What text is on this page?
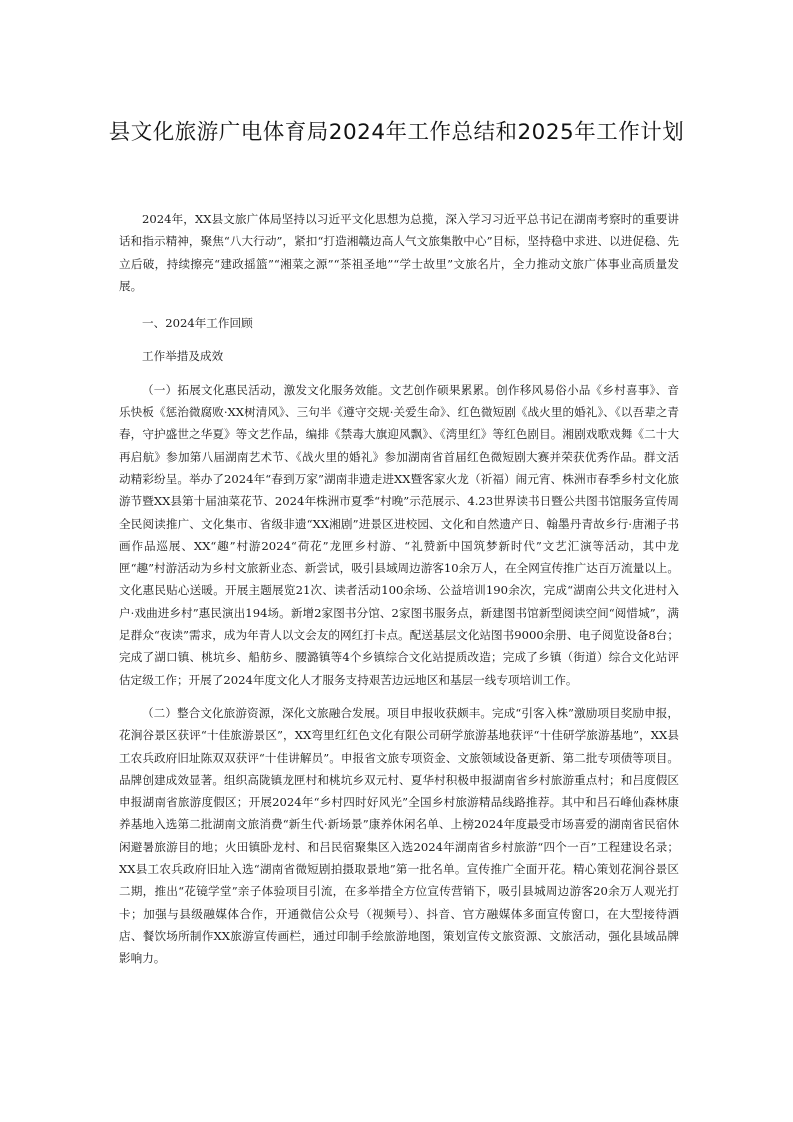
县文化旅游广电体育局2024年工作总结和2025年工作计划

2024年，XX县文旅广体局坚持以习近平文化思想为总揽，深入学习习近平总书记在湖南考察时的重要讲话和指示精神，聚焦“八大行动”，紧扣“打造湘赣边高人气文旅集散中心”目标，坚持稳中求进、以进促稳、先立后破，持续擦亮“建政摇篮”“湘菜之源”“茶祖圣地”“学士故里”文旅名片，全力推动文旅广体事业高质量发展。

一、2024年工作回顾

工作举措及成效

（一）拓展文化惠民活动，激发文化服务效能。文艺创作硕果累累。创作移风易俗小品《乡村喜事》、音乐快板《惩治微腐败·XX树清风》、三句半《遵守交规·关爱生命》、红色微短剧《战火里的婚礼》、《以吾辈之青春，守护盛世之华夏》等文艺作品，编排《禁毒大旗迎风飘》、《湾里红》等红色剧目。湘剧戏歌戏舞《二十大再启航》参加第八届湖南艺术节、《战火里的婚礼》参加湖南省首届红色微短剧大赛并荣获优秀作品。群文活动精彩纷呈。举办了2024年“春到万家”湖南非遗走进XX暨客家火龙（祈福）闹元宵、株洲市春季乡村文化旅游节暨XX县第十届油菜花节、2024年株洲市夏季“村晚”示范展示、4.23世界读书日暨公共图书馆服务宣传周全民阅读推广、文化集市、省级非遗“XX湘剧”进景区进校园、文化和自然遗产日、翰墨丹青故乡行·唐湘子书画作品巡展、XX“趣”村游2024“荷花”龙匣乡村游、“礼赞新中国筑梦新时代”文艺汇演等活动，其中龙匣“趣”村游活动为乡村文旅新业态、新尝试，吸引县域周边游客10余万人，在全网宣传推广达百万流量以上。文化惠民贴心送暖。开展主题展览21次、读者活动100余场、公益培训190余次，完成“湖南公共文化进村入户·戏曲进乡村”惠民演出194场。新增2家图书分馆、2家图书服务点，新建图书馆新型阅读空间“阅惜城”，满足群众“夜读”需求，成为年青人以文会友的网红打卡点。配送基层文化站图书9000余册、电子阅览设备8台；完成了湖口镇、桃坑乡、船舫乡、腰潞镇等4个乡镇综合文化站提质改造；完成了乡镇（街道）综合文化站评估定级工作；开展了2024年度文化人才服务支持艰苦边远地区和基层一线专项培训工作。

（二）整合文化旅游资源，深化文旅融合发展。项目申报收获颇丰。完成“引客入株”激励项目奖励申报，花涧谷景区获评“十佳旅游景区”，XX弯里红红色文化有限公司研学旅游基地获评“十佳研学旅游基地”，XX县工农兵政府旧址陈双双获评“十佳讲解员”。申报省文旅专项资金、文旅领域设备更新、第二批专项债等项目。品牌创建成效显著。组织高陇镇龙匣村和桃坑乡双元村、夏华村积极申报湖南省乡村旅游重点村；和吕度假区申报湖南省旅游度假区；开展2024年“乡村四时好风光”全国乡村旅游精品线路推荐。其中和吕石峰仙森林康养基地入选第二批湖南文旅消费“新生代·新场景”康养休闲名单、上榜2024年度最受市场喜爱的湖南省民宿休闲避暑旅游目的地；火田镇卧龙村、和吕民宿聚集区入选2024年湖南省乡村旅游“四个一百”工程建设名录；XX县工农兵政府旧址入选“湖南省微短剧拍摄取景地”第一批名单。宣传推广全面开花。精心策划花涧谷景区二期，推出“花镜学堂”亲子体验项目引流，在多举措全方位宣传营销下，吸引县城周边游客20余万人观光打卡；加强与县级融媒体合作，开通微信公众号（视频号）、抖音、官方融媒体多面宣传窗口，在大型接待酒店、餐饮场所制作XX旅游宣传画栏，通过印制手绘旅游地图，策划宣传文旅资源、文旅活动，强化县域品牌影响力。
